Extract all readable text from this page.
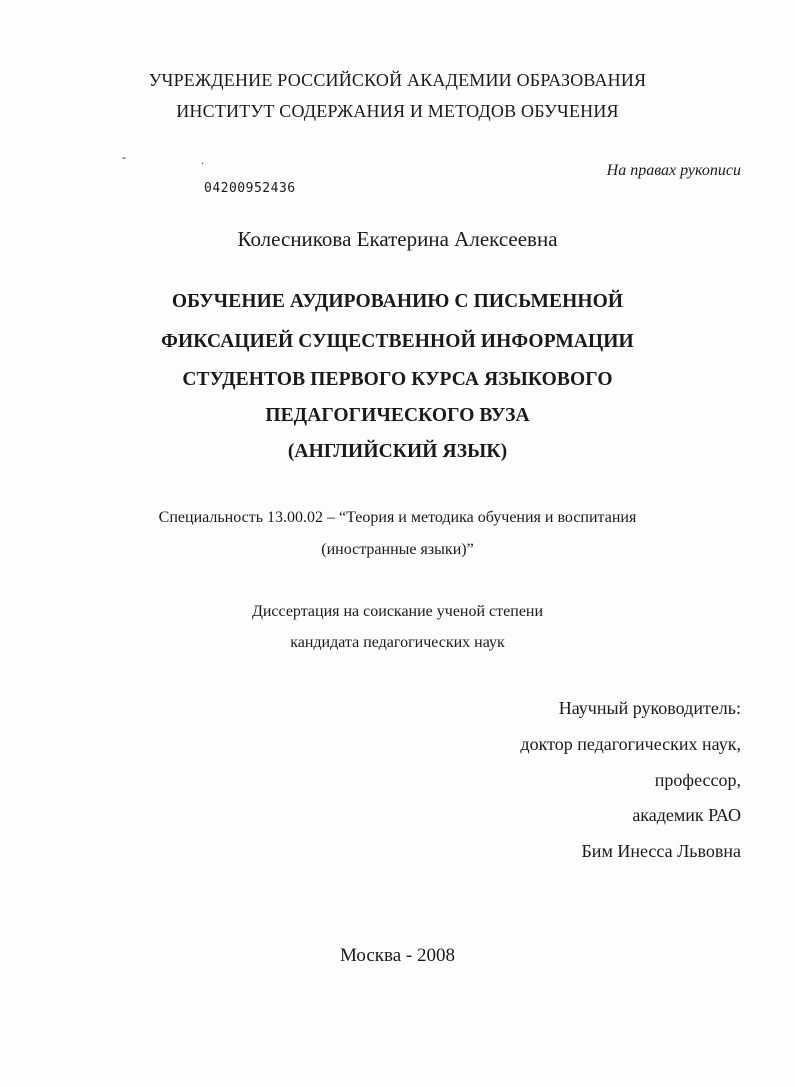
УЧРЕЖДЕНИЕ РОССИЙСКОЙ АКАДЕМИИ ОБРАЗОВАНИЯ
ИНСТИТУТ СОДЕРЖАНИЯ И МЕТОДОВ ОБУЧЕНИЯ
-
·	На правах рукописи
04200952436
Колесникова Екатерина Алексеевна
ОБУЧЕНИЕ АУДИРОВАНИЮ С ПИСЬМЕННОЙ
ФИКСАЦИЕЙ СУЩЕСТВЕННОЙ ИНФОРМАЦИИ
СТУДЕНТОВ ПЕРВОГО КУРСА ЯЗЫКОВОГО
ПЕДАГОГИЧЕСКОГО ВУЗА
(АНГЛИЙСКИЙ ЯЗЫК)
Специальность 13.00.02 – “Теория и методика обучения и воспитания
(иностранные языки)”
Диссертация на соискание ученой степени
кандидата педагогических наук
Научный руководитель:
доктор педагогических наук,
профессор,
академик РАО
Бим Инесса Львовна
Москва - 2008
